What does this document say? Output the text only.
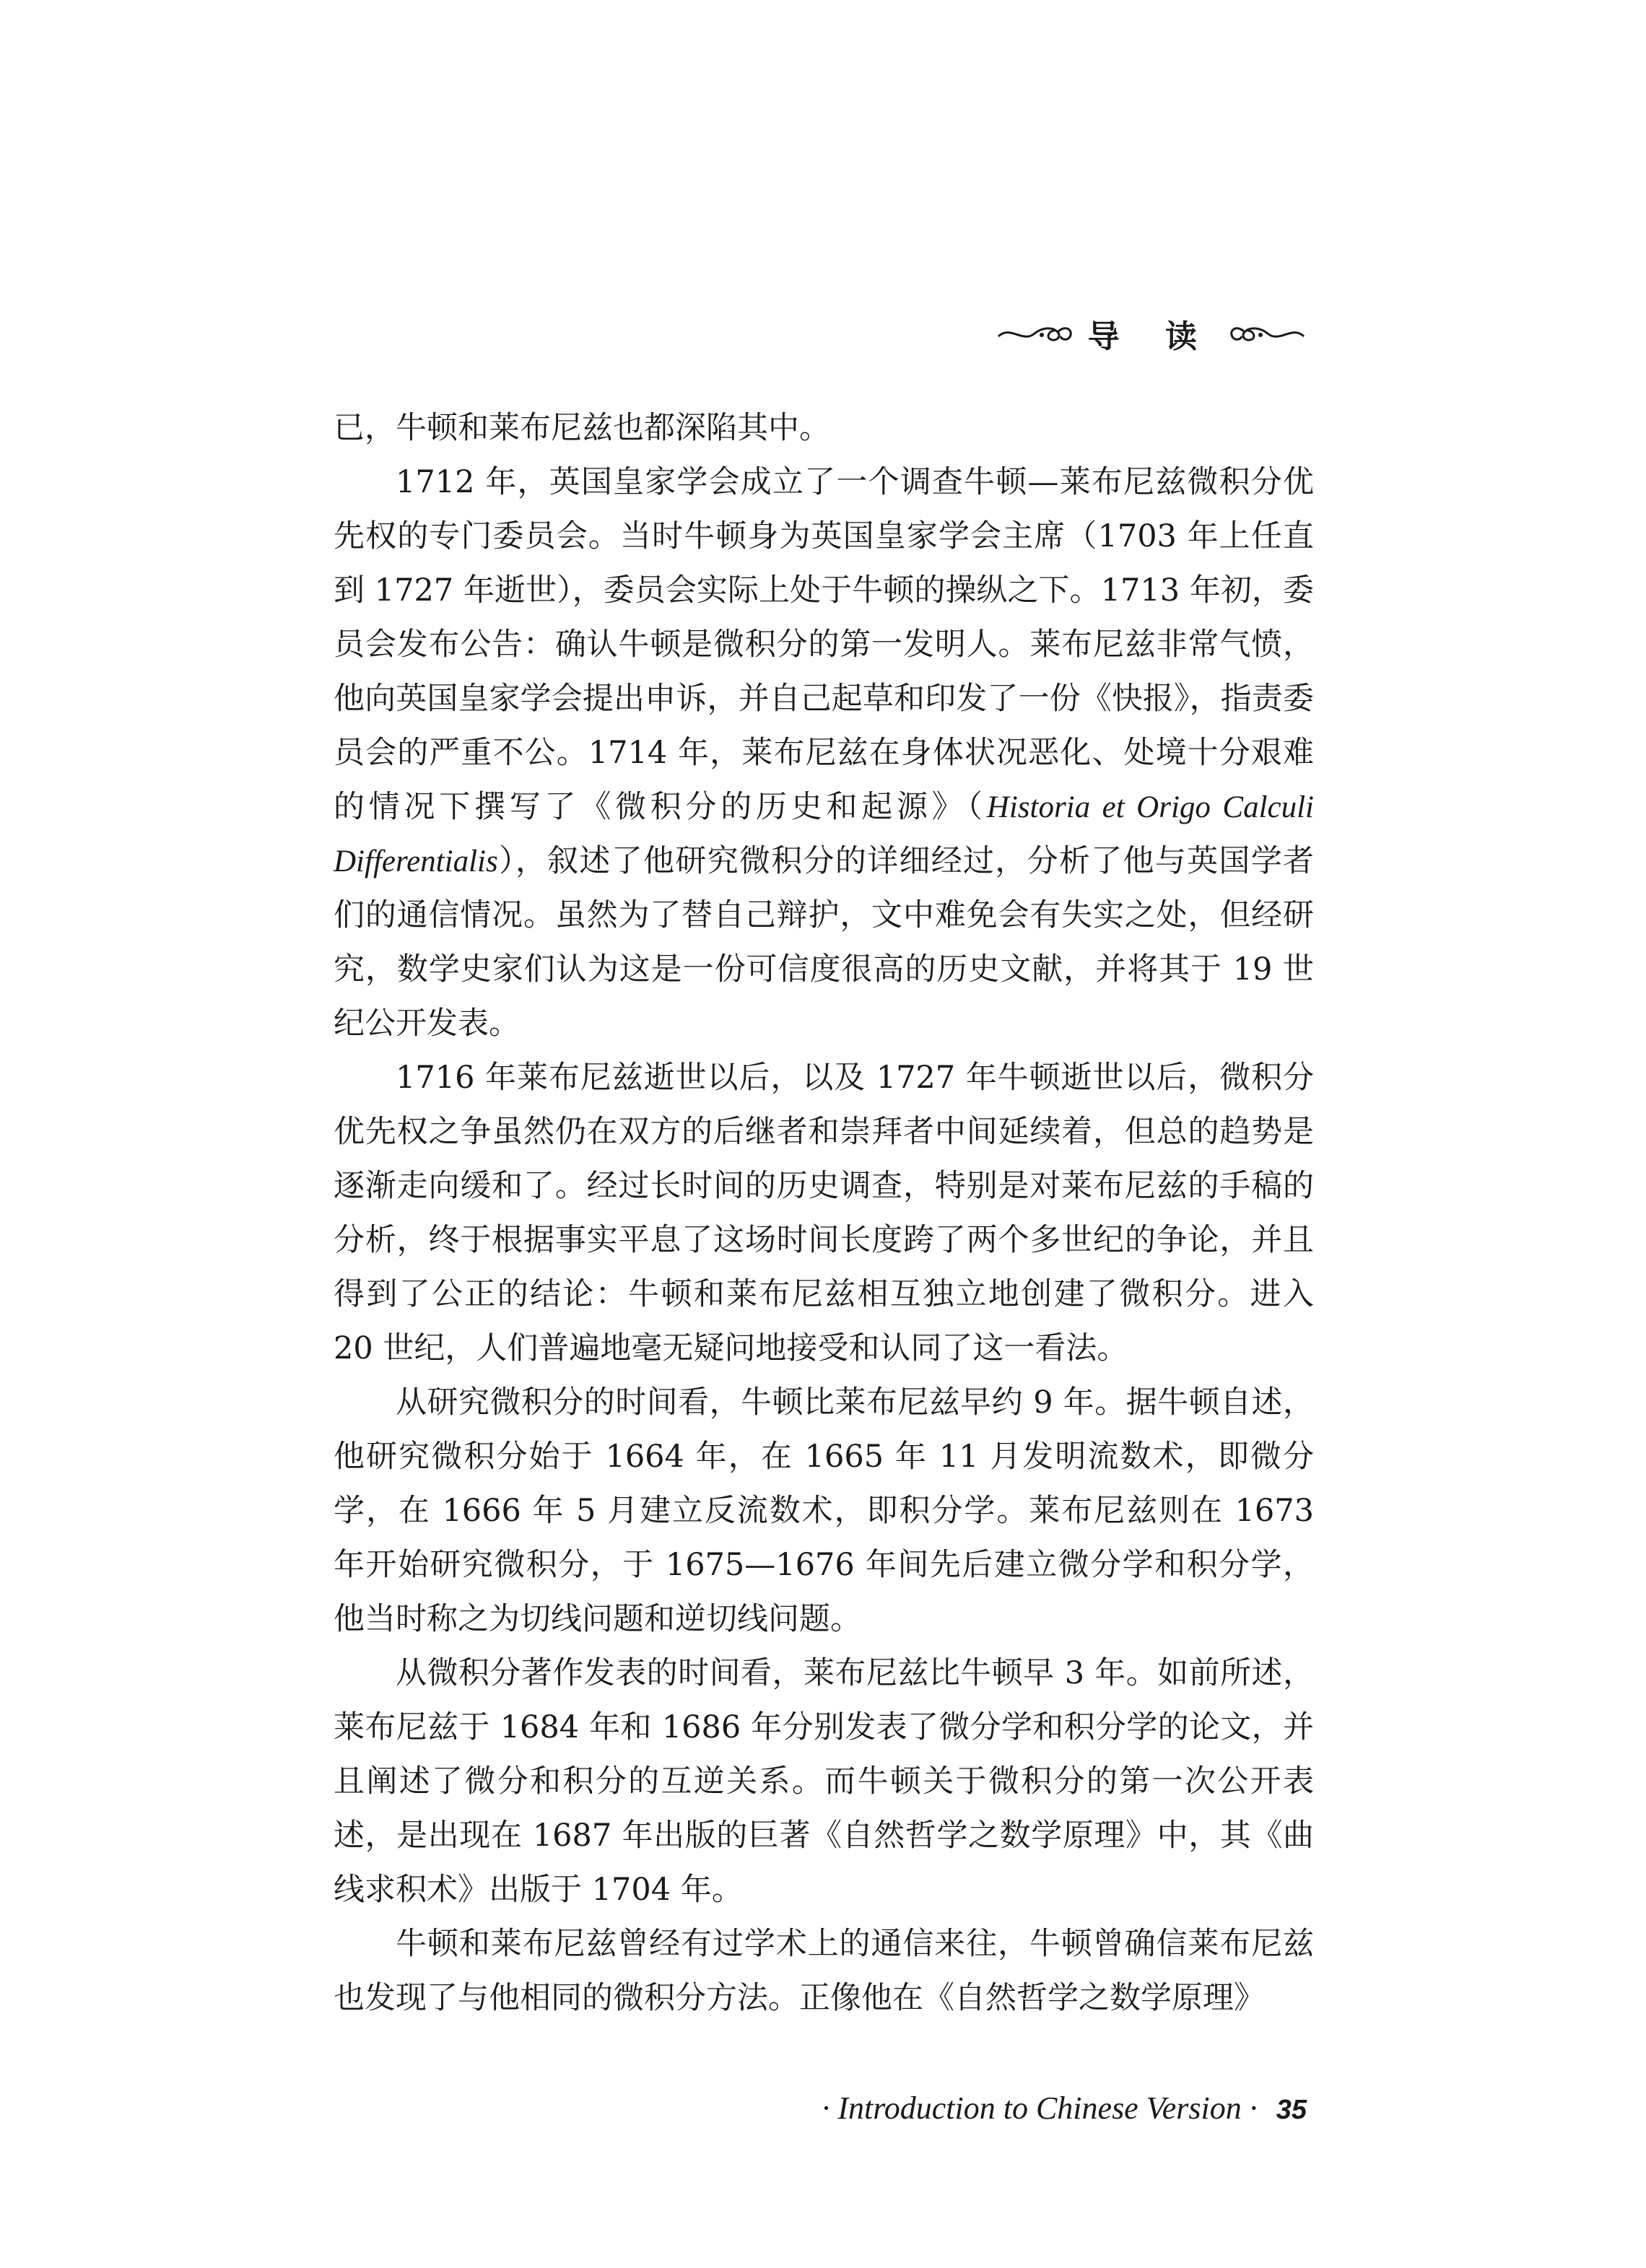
导 读

已，牛顿和莱布尼兹也都深陷其中。

1712 年，英国皇家学会成立了一个调查牛顿—莱布尼兹微积分优先权的专门委员会。当时牛顿身为英国皇家学会主席（1703 年上任直到 1727 年逝世），委员会实际上处于牛顿的操纵之下。1713 年初，委员会发布公告：确认牛顿是微积分的第一发明人。莱布尼兹非常气愤，他向英国皇家学会提出申诉，并自己起草和印发了一份《快报》，指责委员会的严重不公。1714 年，莱布尼兹在身体状况恶化、处境十分艰难的情况下撰写了《微积分的历史和起源》（Historia et Origo Calculi Differentialis），叙述了他研究微积分的详细经过，分析了他与英国学者们的通信情况。虽然为了替自己辩护，文中难免会有失实之处，但经研究，数学史家们认为这是一份可信度很高的历史文献，并将其于 19 世纪公开发表。

1716 年莱布尼兹逝世以后，以及 1727 年牛顿逝世以后，微积分优先权之争虽然仍在双方的后继者和崇拜者中间延续着，但总的趋势是逐渐走向缓和了。经过长时间的历史调查，特别是对莱布尼兹的手稿的分析，终于根据事实平息了这场时间长度跨了两个多世纪的争论，并且得到了公正的结论：牛顿和莱布尼兹相互独立地创建了微积分。进入 20 世纪，人们普遍地毫无疑问地接受和认同了这一看法。

从研究微积分的时间看，牛顿比莱布尼兹早约 9 年。据牛顿自述，他研究微积分始于 1664 年，在 1665 年 11 月发明流数术，即微分学，在 1666 年 5 月建立反流数术，即积分学。莱布尼兹则在 1673 年开始研究微积分，于 1675—1676 年间先后建立微分学和积分学，他当时称之为切线问题和逆切线问题。

从微积分著作发表的时间看，莱布尼兹比牛顿早 3 年。如前所述，莱布尼兹于 1684 年和 1686 年分别发表了微分学和积分学的论文，并且阐述了微分和积分的互逆关系。而牛顿关于微积分的第一次公开表述，是出现在 1687 年出版的巨著《自然哲学之数学原理》中，其《曲线求积术》出版于 1704 年。

牛顿和莱布尼兹曾经有过学术上的通信来往，牛顿曾确信莱布尼兹也发现了与他相同的微积分方法。正像他在《自然哲学之数学原理》

· Introduction to Chinese Version · 35
